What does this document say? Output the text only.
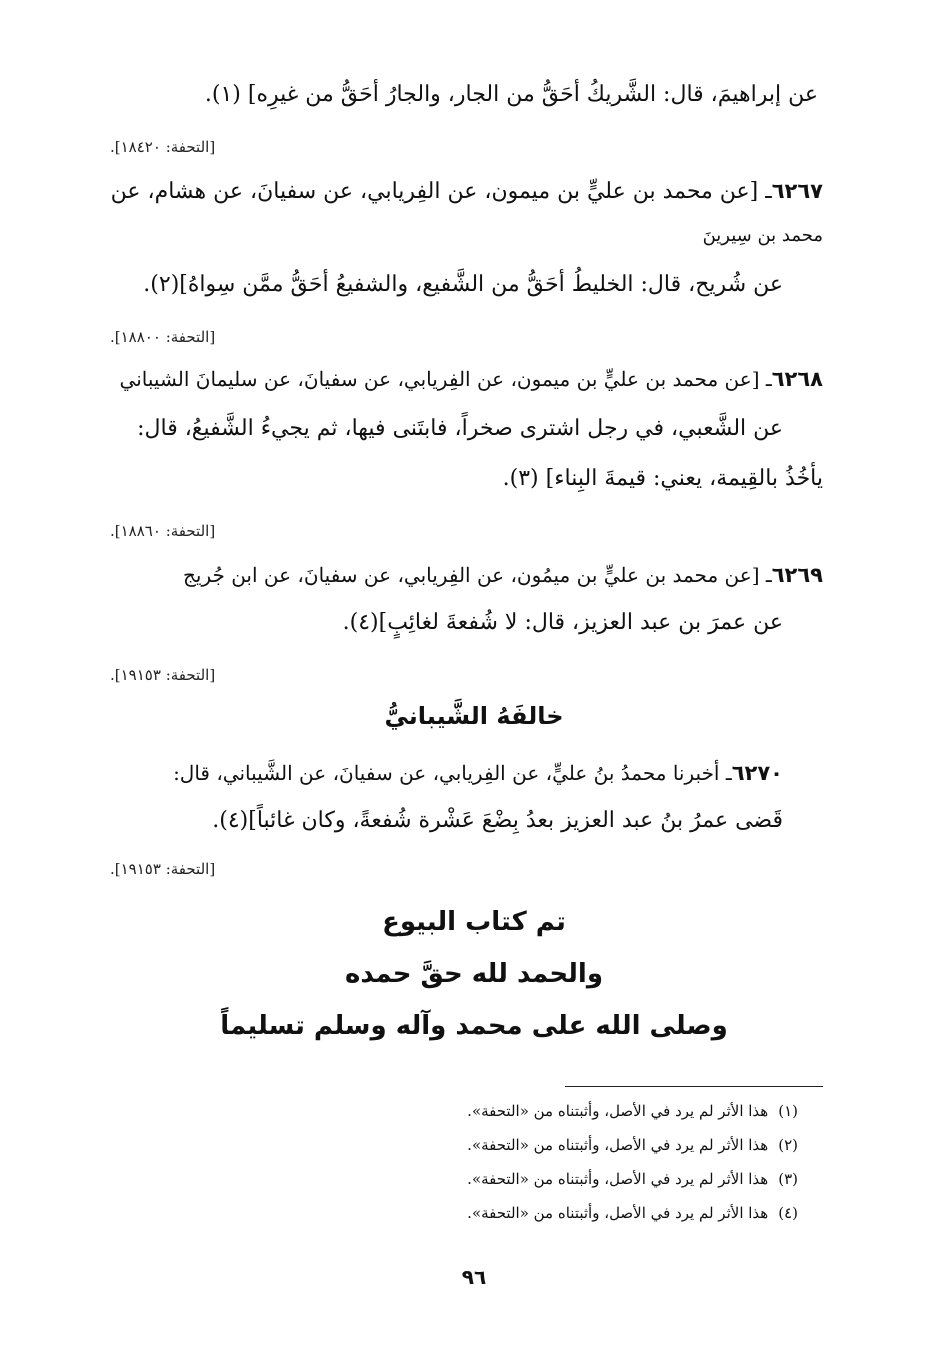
عن إبراهيمَ، قال: الشَّريكُ أحَقُّ من الجار، والجارُ أحَقُّ من غيرِه] (١).
[التحفة: ١٨٤٢٠].
٦٢٦٧ـ [عن محمد بن عليٍّ بن ميمون، عن الفِريابي، عن سفيانَ، عن هشام، عن
محمد بن سِيرينَ
عن شُريح، قال: الخليطُ أحَقُّ من الشَّفيع، والشفيعُ أحَقُّ ممَّن سِواهُ](٢).
[التحفة: ١٨٨٠٠].
٦٢٦٨ـ [عن محمد بن عليٍّ بن ميمون، عن الفِريابي، عن سفيانَ، عن سليمانَ الشيباني
عن الشَّعبي، في رجل اشترى صخراً، فابتَنى فيها، ثم يجيءُ الشَّفيعُ، قال:
يأخُذُ بالقِيمة، يعني: قيمةَ البِناء] (٣).
[التحفة: ١٨٨٦٠].
٦٢٦٩ـ [عن محمد بن عليٍّ بن ميمُون، عن الفِريابي، عن سفيانَ، عن ابن جُريج
عن عمرَ بن عبد العزيز، قال: لا شُفعةَ لغائِبٍ](٤).
[التحفة: ١٩١٥٣].
خالفَهُ الشَّيبانيُّ
٦٢٧٠ـ أخبرنا محمدُ بنُ عليٍّ، عن الفِريابي، عن سفيانَ، عن الشَّيباني، قال:
قَضى عمرُ بنُ عبد العزيز بعدُ بِضْعَ عَشْرة شُفعةً، وكان غائباً](٤).
[التحفة: ١٩١٥٣].
تم كتاب البيوع
والحمد لله حقَّ حمده
وصلى الله على محمد وآله وسلم تسليماً
(١)هذا الأثر لم يرد في الأصل، وأثبتناه من «التحفة».
(٢)هذا الأثر لم يرد في الأصل، وأثبتناه من «التحفة».
(٣)هذا الأثر لم يرد في الأصل، وأثبتناه من «التحفة».
(٤)هذا الأثر لم يرد في الأصل، وأثبتناه من «التحفة».
٩٦
